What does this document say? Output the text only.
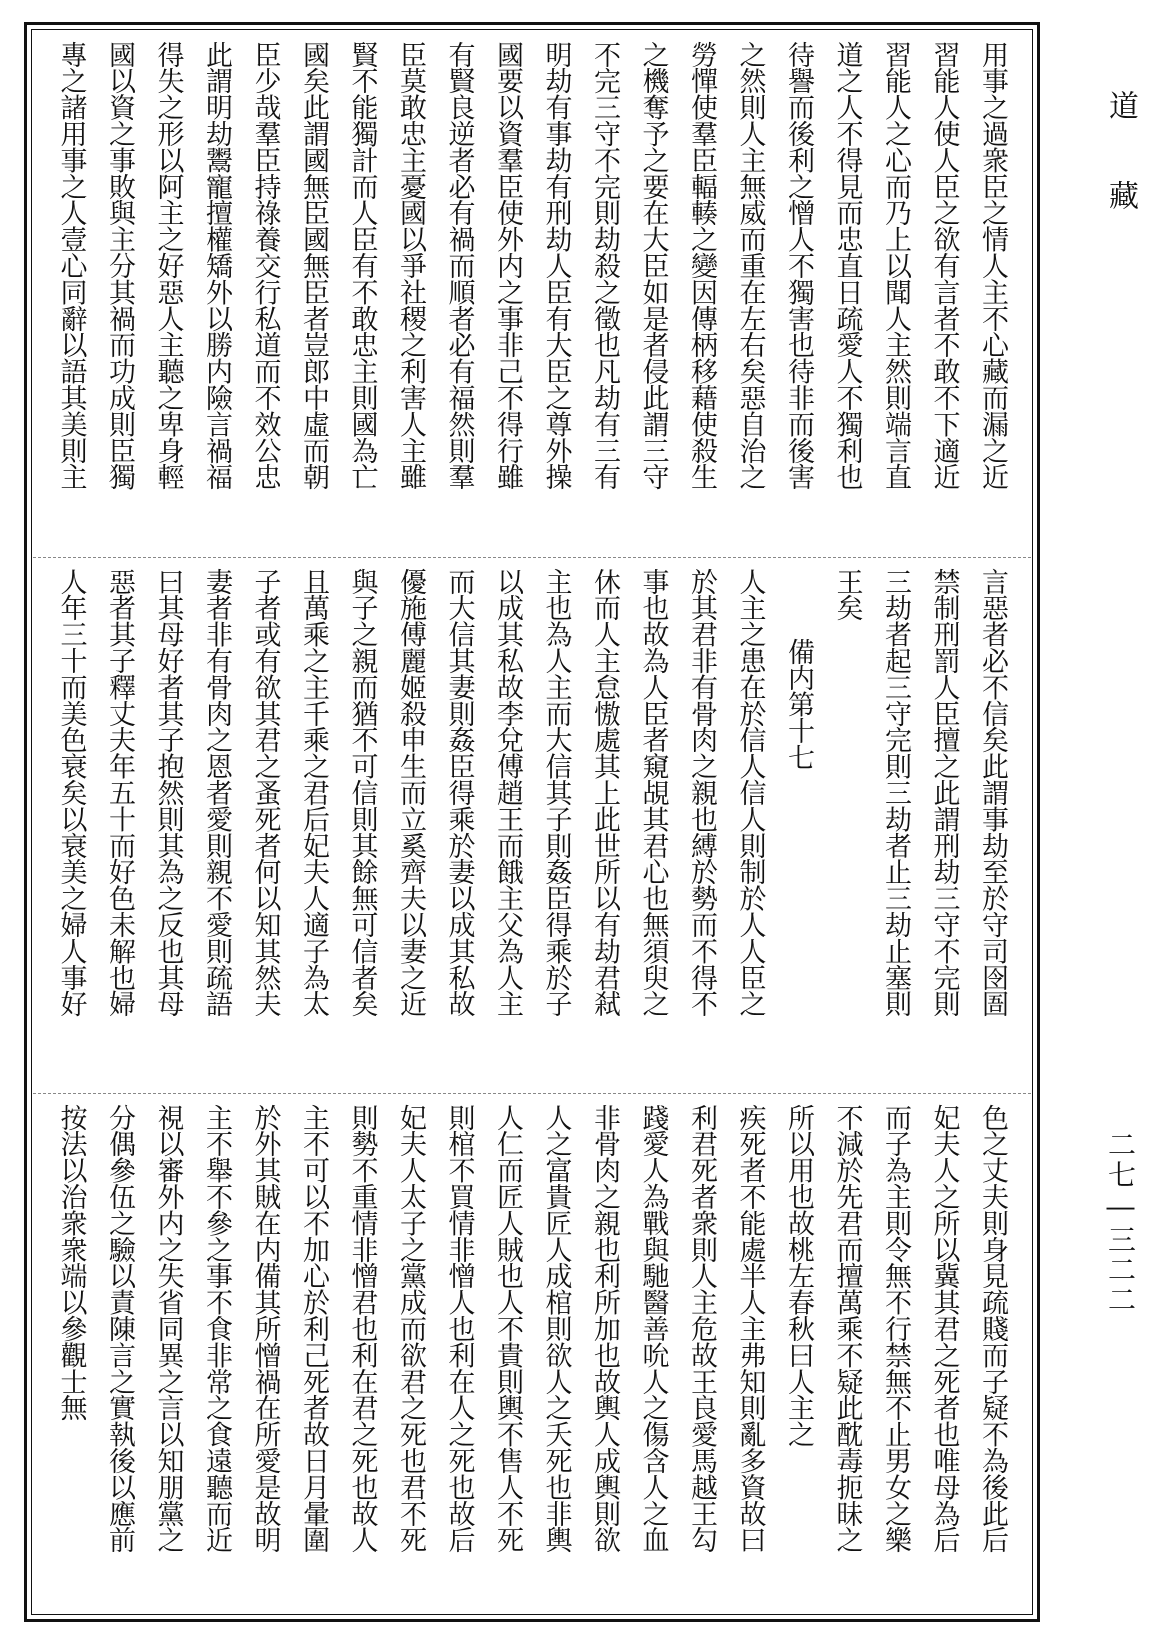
道藏
用事之過衆臣之情人主不心藏而漏之近
習能人使人臣之欲有言者不敢不下適近
習能人之心而乃上以聞人主然則端言直
道之人不得見而忠直日疏愛人不獨利也
待譽而後利之憎人不獨害也待非而後害
之然則人主無威而重在左右矣惡自治之
勞憚使羣臣輻輳之變因傳柄移藉使殺生
之機奪予之要在大臣如是者侵此謂三守
不完三守不完則劫殺之徵也凡劫有三有
明劫有事劫有刑劫人臣有大臣之尊外操
國要以資羣臣使外内之事非己不得行雖
有賢良逆者必有禍而順者必有福然則羣
臣莫敢忠主憂國以爭社稷之利害人主雖
賢不能獨計而人臣有不敢忠主則國為亡
國矣此謂國無臣國無臣者豈郎中虛而朝
臣少哉羣臣持祿養交行私道而不效公忠
此謂明劫鬻寵擅權矯外以勝内險言禍福
得失之形以阿主之好惡人主聽之卑身輕
國以資之事敗與主分其禍而功成則臣獨
專之諸用事之人壹心同辭以語其美則主
言惡者必不信矣此謂事劫至於守司囹圄
禁制刑罰人臣擅之此謂刑劫三守不完則
三劫者起三守完則三劫者止三劫止塞則
王矣
備内第十七
人主之患在於信人信人則制於人人臣之
於其君非有骨肉之親也縛於勢而不得不
事也故為人臣者窺覘其君心也無須臾之
休而人主怠慠處其上此世所以有劫君弒
主也為人主而大信其子則姦臣得乘於子
以成其私故李兌傅趙王而餓主父為人主
而大信其妻則姦臣得乘於妻以成其私故
優施傅麗姬殺申生而立奚齊夫以妻之近
與子之親而猶不可信則其餘無可信者矣
且萬乘之主千乘之君后妃夫人適子為太
子者或有欲其君之蚤死者何以知其然夫
妻者非有骨肉之恩者愛則親不愛則疏語
曰其母好者其子抱然則其為之反也其母
惡者其子釋丈夫年五十而好色未解也婦
人年三十而美色衰矣以衰美之婦人事好
色之丈夫則身見疏賤而子疑不為後此后
妃夫人之所以冀其君之死者也唯母為后
而子為主則令無不行禁無不止男女之樂
不減於先君而擅萬乘不疑此酖毒扼昧之
所以用也故桃左春秋曰人主之
疾死者不能處半人主弗知則亂多資故曰
利君死者衆則人主危故王良愛馬越王勾
踐愛人為戰與馳醫善吮人之傷含人之血
非骨肉之親也利所加也故輿人成輿則欲
人之富貴匠人成棺則欲人之夭死也非輿
人仁而匠人賊也人不貴則輿不售人不死
則棺不買情非憎人也利在人之死也故后
妃夫人太子之黨成而欲君之死也君不死
則勢不重情非憎君也利在君之死也故人
主不可以不加心於利己死者故日月暈圍
於外其賊在内備其所憎禍在所愛是故明
主不舉不參之事不食非常之食遠聽而近
視以審外内之失省同異之言以知朋黨之
分偶參伍之驗以責陳言之實執後以應前
按法以治衆衆端以參觀士無	二七―三二二
